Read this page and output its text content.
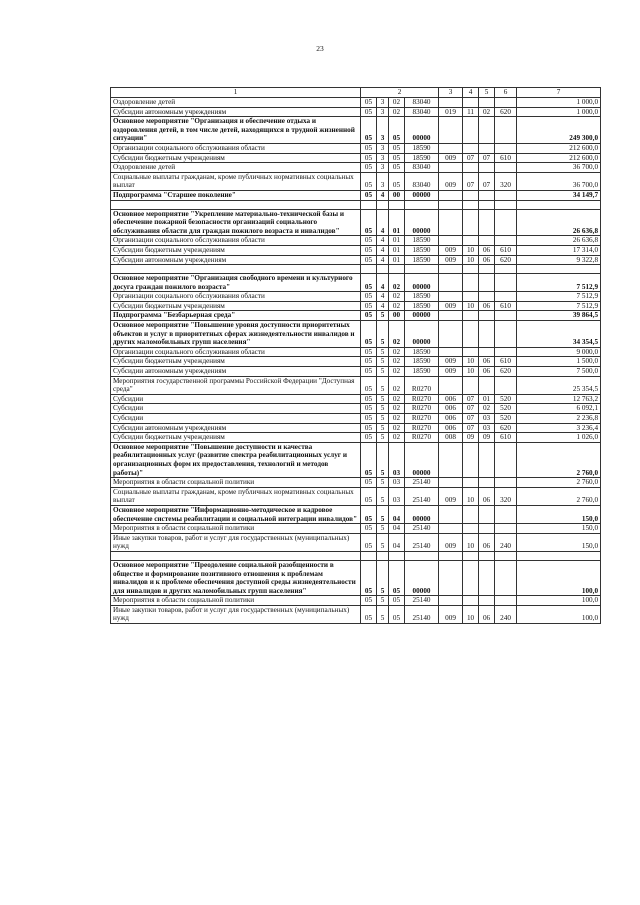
23
1	2				3	4	5	6	7
Оздоровление детей	05	3	02	83040					1 000,0
Субсидии автономным учреждениям	05	3	02	83040	019	11	02	620	1 000,0
Основное мероприятие "Организация и обеспечение отдыха и оздоровления детей, в том числе детей, находящихся в трудной жизненной ситуации"	05	3	05	00000					249 300,0
Организации социального обслуживания области	05	3	05	18590					212 600,0
Субсидии бюджетным учреждениям	05	3	05	18590	009	07	07	610	212 600,0
Оздоровление детей	05	3	05	83040					36 700,0
Социальные выплаты гражданам, кроме публичных нормативных социальных выплат	05	3	05	83040	009	07	07	320	36 700,0
Подпрограмма "Старшее поколение"	05	4	00	00000					34 149,7

Основное мероприятие "Укрепление материально-технической базы и обеспечение пожарной безопасности организаций социального обслуживания области для граждан пожилого возраста и инвалидов"	05	4	01	00000					26 636,8
Организации социального обслуживания области	05	4	01	18590					26 636,8
Субсидии бюджетным учреждениям	05	4	01	18590	009	10	06	610	17 314,0
Субсидии автономным учреждениям	05	4	01	18590	009	10	06	620	9 322,8

Основное мероприятие "Организация свободного времени и культурного досуга граждан пожилого возраста"	05	4	02	00000					7 512,9
Организации социального обслуживания области	05	4	02	18590					7 512,9
Субсидии бюджетным учреждениям	05	4	02	18590	009	10	06	610	7 512,9
Подпрограмма "Безбарьерная среда"	05	5	00	00000					39 864,5
Основное мероприятие "Повышение уровня доступности приоритетных объектов и услуг в приоритетных сферах жизнедеятельности инвалидов и других маломобильных групп населения"	05	5	02	00000					34 354,5
Организации социального обслуживания области	05	5	02	18590					9 000,0
Субсидии бюджетным учреждениям	05	5	02	18590	009	10	06	610	1 500,0
Субсидии автономным учреждениям	05	5	02	18590	009	10	06	620	7 500,0
Мероприятия государственной программы Российской Федерации "Доступная среда"	05	5	02	R0270					25 354,5
Субсидии	05	5	02	R0270	006	07	01	520	12 763,2
Субсидии	05	5	02	R0270	006	07	02	520	6 092,1
Субсидии	05	5	02	R0270	006	07	03	520	2 236,8
Субсидии автономным учреждениям	05	5	02	R0270	006	07	03	620	3 236,4
Субсидии бюджетным учреждениям	05	5	02	R0270	008	09	09	610	1 026,0
Основное мероприятие "Повышение доступности и качества реабилитационных услуг (развитие спектра реабилитационных услуг и организационных форм их предоставления, технологий и методов работы)"	05	5	03	00000					2 760,0
Мероприятия в области социальной политики	05	5	03	25140					2 760,0
Социальные выплаты гражданам, кроме публичных нормативных социальных выплат	05	5	03	25140	009	10	06	320	2 760,0
Основное мероприятие "Информационно-методическое и кадровое обеспечение системы реабилитации и социальной интеграции инвалидов"	05	5	04	00000					150,0
Мероприятия в области социальной политики	05	5	04	25140					150,0
Иные закупки товаров, работ и услуг для государственных (муниципальных) нужд	05	5	04	25140	009	10	06	240	150,0

Основное мероприятие "Преодоление социальной разобщенности в обществе и формирование позитивного отношения к проблемам инвалидов и к проблеме обеспечения доступной среды жизнедеятельности для инвалидов и других маломобильных групп населения"	05	5	05	00000					100,0
Мероприятия в области социальной политики	05	5	05	25140					100,0
Иные закупки товаров, работ и услуг для государственных (муниципальных) нужд	05	5	05	25140	009	10	06	240	100,0
